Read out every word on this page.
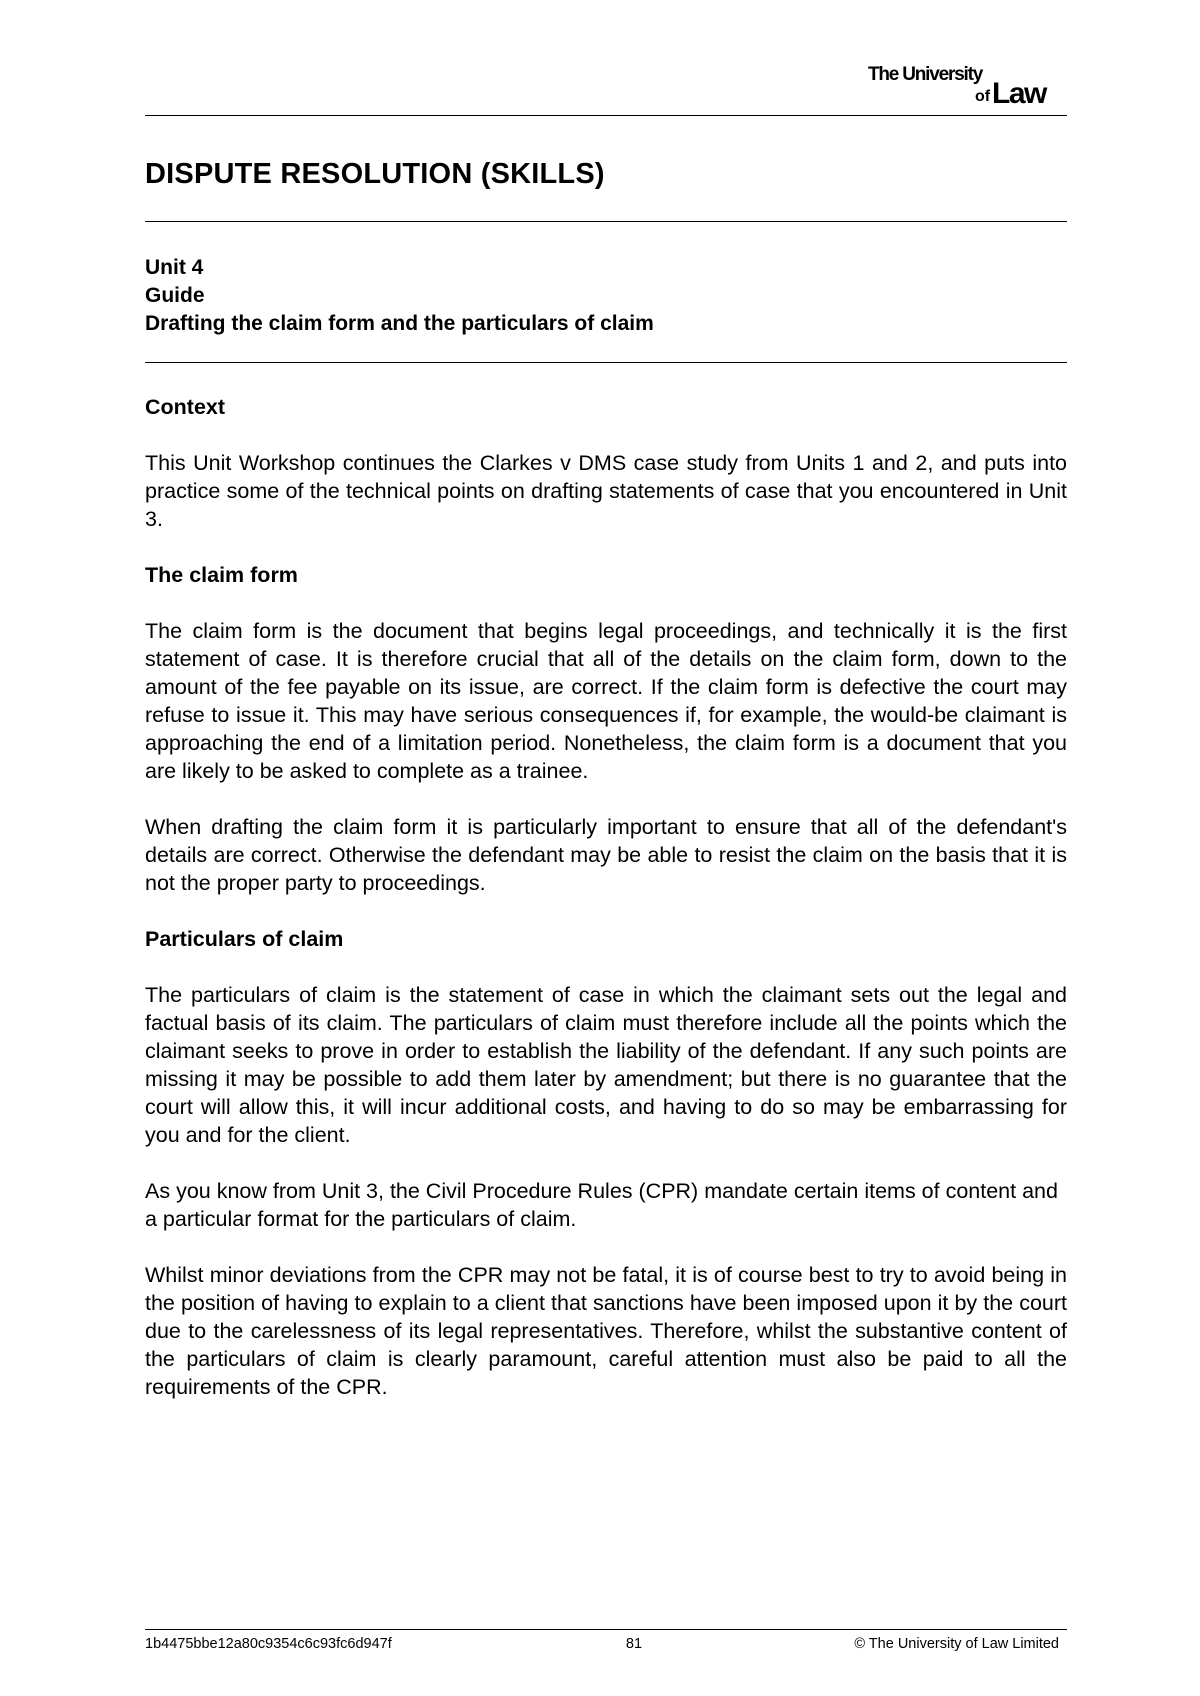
The University
of Law
DISPUTE RESOLUTION (SKILLS)
Unit 4
Guide
Drafting the claim form and the particulars of claim
Context

This Unit Workshop continues the Clarkes v DMS case study from Units 1 and 2, and puts into practice some of the technical points on drafting statements of case that you encountered in Unit 3.

The claim form

The claim form is the document that begins legal proceedings, and technically it is the first statement of case. It is therefore crucial that all of the details on the claim form, down to the amount of the fee payable on its issue, are correct. If the claim form is defective the court may refuse to issue it. This may have serious consequences if, for example, the would-be claimant is approaching the end of a limitation period. Nonetheless, the claim form is a document that you are likely to be asked to complete as a trainee.

When drafting the claim form it is particularly important to ensure that all of the defendant's details are correct. Otherwise the defendant may be able to resist the claim on the basis that it is not the proper party to proceedings.

Particulars of claim

The particulars of claim is the statement of case in which the claimant sets out the legal and factual basis of its claim. The particulars of claim must therefore include all the points which the claimant seeks to prove in order to establish the liability of the defendant. If any such points are missing it may be possible to add them later by amendment; but there is no guarantee that the court will allow this, it will incur additional costs, and having to do so may be embarrassing for you and for the client.

As you know from Unit 3, the Civil Procedure Rules (CPR) mandate certain items of content and a particular format for the particulars of claim.

Whilst minor deviations from the CPR may not be fatal, it is of course best to try to avoid being in the position of having to explain to a client that sanctions have been imposed upon it by the court due to the carelessness of its legal representatives. Therefore, whilst the substantive content of the particulars of claim is clearly paramount, careful attention must also be paid to all the requirements of the CPR.

1b4475bbe12a80c9354c6c93fc6d947f	81	© The University of Law Limited
